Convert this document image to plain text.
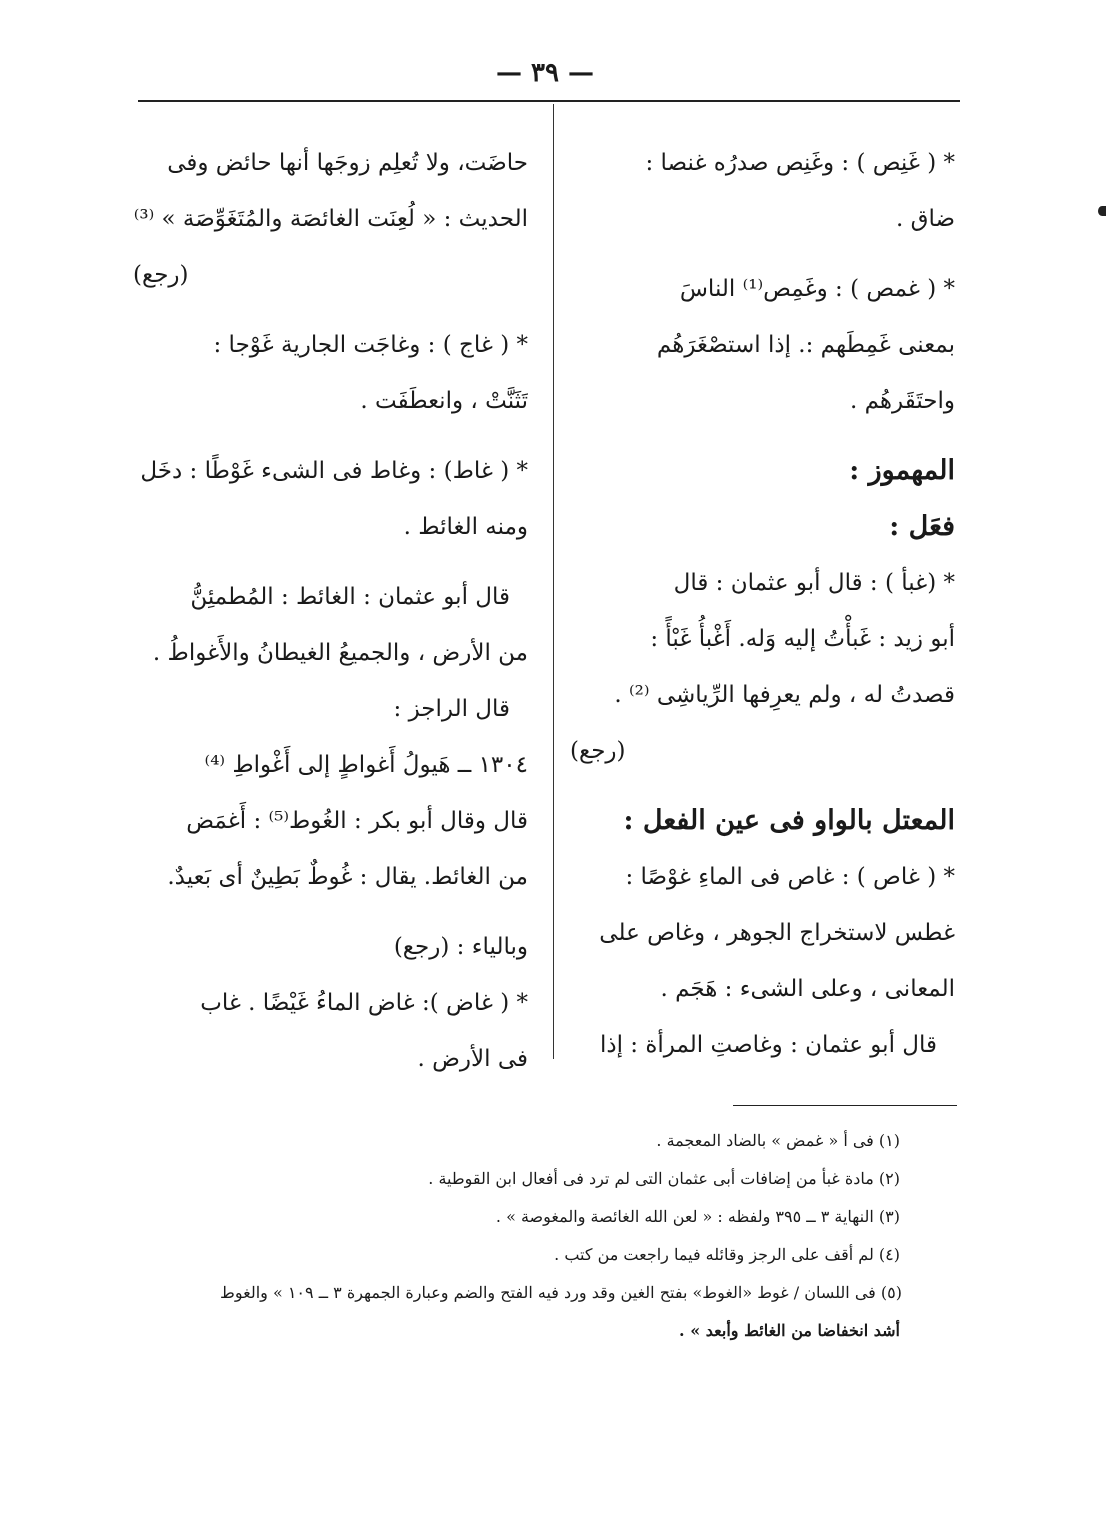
— ٣٩ —
* ( غَنِص ) : وغَنِص صدرُه غنصا :
ضاق .
* ( غمص ) : وغَمِص⁽¹⁾ الناسَ
بمعنى غَمِطَهم :. إذا استصْغَرَهُم
واحتَقَرهُم .
المهموز :
فعَل :
* (غبأ ) : قال أبو عثمان : قال
أبو زيد : غَبأْتُ إليه وَله. أَغْبأُ غَبْأً :
قصدتُ له ، ولم يعرِفها الرِّياشِى ⁽²⁾ .
(رجع)
المعتل بالواو فى عين الفعل :
* ( غاص ) : غاص فى الماءِ غوْصًا :
غطس لاستخراج الجوهر ، وغاص على
المعانى ، وعلى الشىء : هَجَم .
قال أبو عثمان : وغاصتِ المرأة : إذا
حاضَت، ولا تُعلِم زوجَها أنها حائض وفى
الحديث : « لُعِنَت الغائصَة والمُتَغَوِّصَة » ⁽³⁾
(رجع)
* ( غاج ) : وغاجَت الجارية غَوْجا :
تَثَنَّتْ ، وانعطَفَت .
* ( غاط) : وغاط فى الشىء غَوْطًا : دخَل
ومنه الغائط .
قال أبو عثمان : الغائط : المُطمئِنُّ
من الأرض ، والجميعُ الغيطانُ والأَغواطُ .
قال الراجز :
١٣٠٤ ــ هَيولُ أَغواطٍ إلى أَغْواطِ ⁽⁴⁾
قال وقال أبو بكر : الغُوط⁽⁵⁾ : أَغمَض
من الغائط. يقال : غُوطٌ بَطِينٌ أى بَعيدٌ.
وبالياء : (رجع)
* ( غاض ): غاض الماءُ غَيْضًا . غاب
فى الأرض .
(١) فى أ « غمض » بالضاد المعجمة .
(٢) مادة غبأ من إضافات أبى عثمان التى لم ترد فى أفعال ابن القوطية .
(٣) النهاية ٣ ــ ٣٩٥ ولفظه : « لعن الله الغائصة والمغوصة » .
(٤) لم أقف على الرجز وقائله فيما راجعت من كتب .
(٥) فى اللسان / غوط «الغوط» بفتح الغين وقد ورد فيه الفتح والضم وعبارة الجمهرة ٣ ــ ١٠٩ » والغوط
أشد انخفاضا من الغائط وأبعد » .
